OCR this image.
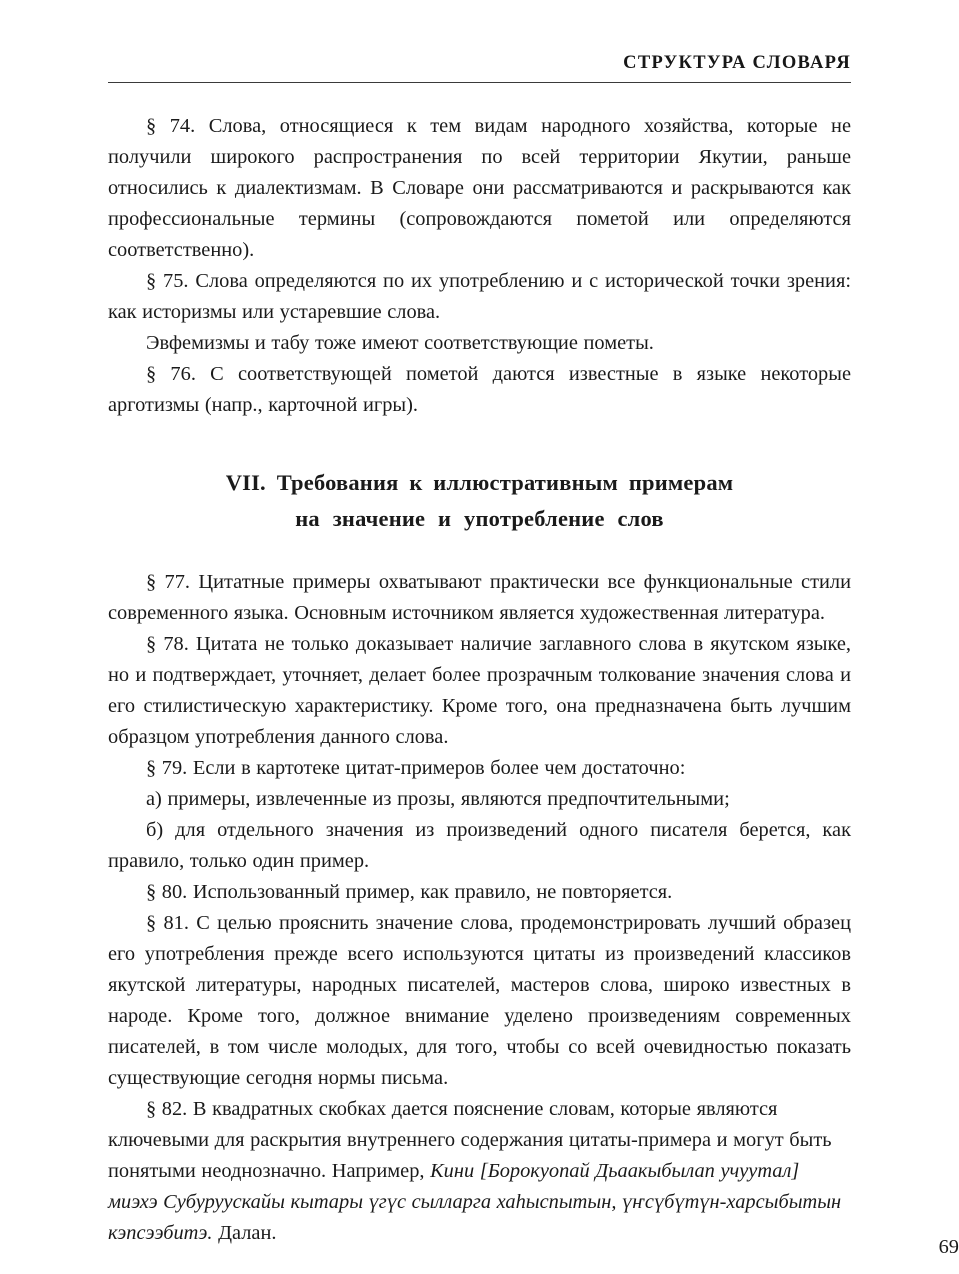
СТРУКТУРА СЛОВАРЯ

§ 74. Слова, относящиеся к тем видам народного хозяйства, которые не получили широкого распространения по всей территории Якутии, раньше относились к диалектизмам. В Словаре они рассматриваются и раскрываются как профессиональные термины (сопровождаются пометой или определяются соответственно).

§ 75. Слова определяются по их употреблению и с исторической точки зрения: как историзмы или устаревшие слова.

Эвфемизмы и табу тоже имеют соответствующие пометы.

§ 76. С соответствующей пометой даются известные в языке некоторые арготизмы (напр., карточной игры).

VII. Требования к иллюстративным примерам
на значение и употребление слов

§ 77. Цитатные примеры охватывают практически все функциональные стили современного языка. Основным источником является художественная литература.

§ 78. Цитата не только доказывает наличие заглавного слова в якутском языке, но и подтверждает, уточняет, делает более прозрачным толкование значения слова и его стилистическую характеристику. Кроме того, она предназначена быть лучшим образцом употребления данного слова.

§ 79. Если в картотеке цитат-примеров более чем достаточно:

а) примеры, извлеченные из прозы, являются предпочтительными;

б) для отдельного значения из произведений одного писателя берется, как правило, только один пример.

§ 80. Использованный пример, как правило, не повторяется.

§ 81. С целью прояснить значение слова, продемонстрировать лучший образец его употребления прежде всего используются цитаты из произведений классиков якутской литературы, народных писателей, мастеров слова, широко известных в народе. Кроме того, должное внимание уделено произведениям современных писателей, в том числе молодых, для того, чтобы со всей очевидностью показать существующие сегодня нормы письма.

§ 82. В квадратных скобках дается пояснение словам, которые являются ключевыми для раскрытия внутреннего содержания цитаты-примера и могут быть понятыми неоднозначно. Например, Кини [Борокуопай Дьаакыбылап учуутал] миэхэ Субуруускайы кытары үгүс сылларга хаһыспытын, үҥсүбүтүн-харсыбытын кэпсээбитэ. Далан.

69
